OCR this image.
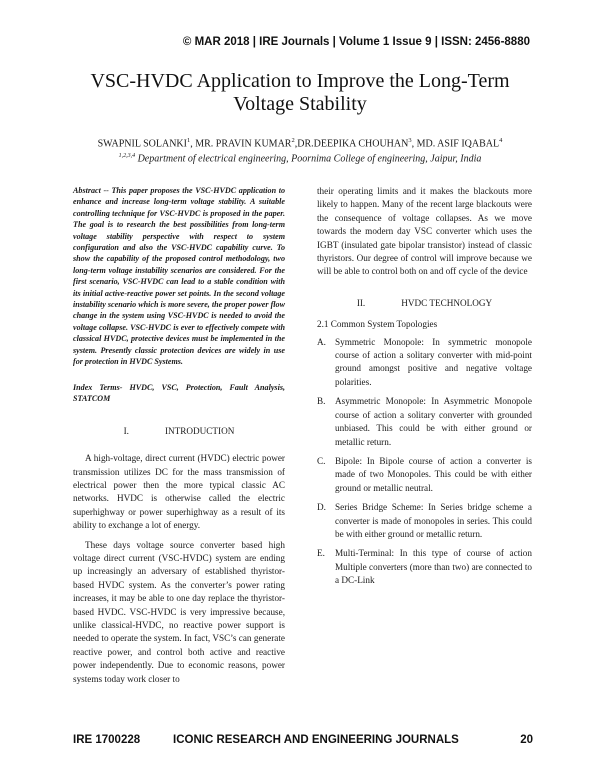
© MAR 2018 | IRE Journals | Volume 1 Issue 9 | ISSN: 2456-8880
VSC-HVDC Application to Improve the Long-Term
Voltage Stability
SWAPNIL SOLANKI$^1$, MR. PRAVIN KUMAR$^2$,DR.DEEPIKA CHOUHAN$^3$, MD. ASIF IQABAL$^4$
$^{1,2,3,4}$ Department of electrical engineering, Poornima College of engineering, Jaipur, India

Abstract -- This paper proposes the VSC-HVDC application to enhance and increase long-term voltage stability. A suitable controlling technique for VSC-HVDC is proposed in the paper. The goal is to research the best possibilities from long-term voltage stability perspective with respect to system configuration and also the VSC-HVDC capability curve. To show the capability of the proposed control methodology, two long-term voltage instability scenarios are considered. For the first scenario, VSC-HVDC can lead to a stable condition with its initial active-reactive power set points. In the second voltage instability scenario which is more severe, the proper power flow change in the system using VSC-HVDC is needed to avoid the voltage collapse. VSC-HVDC is ever to effectively compete with classical HVDC, protective devices must be implemented in the system. Presently classic protection devices are widely in use for protection in HVDC Systems.

Index Terms- HVDC, VSC, Protection, Fault Analysis, STATCOM

I.	INTRODUCTION

A high-voltage, direct current (HVDC) electric power transmission utilizes DC for the mass transmission of electrical power then the more typical classic AC networks. HVDC is otherwise called the electric superhighway or power superhighway as a result of its ability to exchange a lot of energy.

These days voltage source converter based high voltage direct current (VSC-HVDC) system are ending up increasingly an adversary of established thyristor-based HVDC system. As the converter’s power rating increases, it may be able to one day replace the thyristor-based HVDC. VSC-HVDC is very impressive because, unlike classical-HVDC, no reactive power support is needed to operate the system. In fact, VSC’s can generate reactive power, and control both active and reactive power independently. Due to economic reasons, power systems today work closer to

their operating limits and it makes the blackouts more likely to happen. Many of the recent large blackouts were the consequence of voltage collapses. As we move towards the modern day VSC converter which uses the IGBT (insulated gate bipolar transistor) instead of classic thyristors. Our degree of control will improve because we will be able to control both on and off cycle of the device

II.	HVDC TECHNOLOGY
2.1 Common System Topologies
A. Symmetric Monopole: In symmetric monopole course of action a solitary converter with mid-point ground amongst positive and negative voltage polarities.
B. Asymmetric Monopole: In Asymmetric Monopole course of action a solitary converter with grounded unbiased. This could be with either ground or metallic return.
C. Bipole: In Bipole course of action a converter is made of two Monopoles. This could be with either ground or metallic neutral.
D. Series Bridge Scheme: In Series bridge scheme a converter is made of monopoles in series. This could be with either ground or metallic return.
E. Multi-Terminal: In this type of course of action Multiple converters (more than two) are connected to a DC-Link
IRE 1700228	ICONIC RESEARCH AND ENGINEERING JOURNALS	20
